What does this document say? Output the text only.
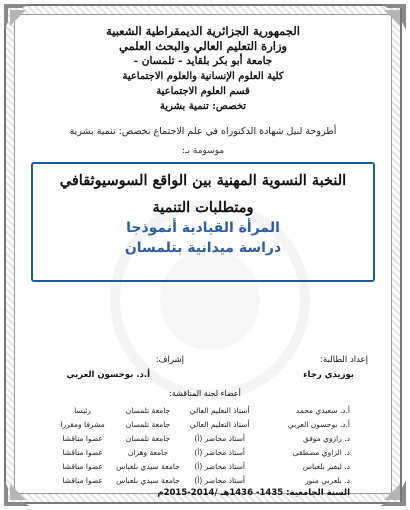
الجمهورية الجزائرية الديمقراطية الشعبية
وزارة التعليم العالي والبحث العلمي
جامعة أبو بكر بلقايد - تلمسان -
كلية العلوم الإنسانية والعلوم الاجتماعية
قسم العلوم الاجتماعية
تخصص: تنمية بشرية
أطروحة لنيل شهادة الدكتوراه في علم الاجتماع تخصص: تنمية بشرية
موسومة بـ:
النخبة النسوية المهنية بين الواقع السوسيوثقافي
ومتطلبات التنمية
المرأة القيادية أنموذجا
دراسة ميدانية بتلمسان
إعداد الطالبة:
إشراف:
بوزيدي رجاء
أ.د. بوحسون العربي
أعضاء لجنة المناقشة:
أ.د. سعيدي محمد	أستاذ التعليم العالي	جامعة تلمسان	رئيسا
أ.د. بوحسون العربي	أستاذ التعليم العالي	جامعة تلمسان	مشرفا ومقررا
د. زازوي موفق	أستاذ محاضر (أ)	جامعة تلمسان	عضوا مناقشا
د. الزاوي مصطفى	أستاذ محاضر (أ)	جامعة وهران	عضوا مناقشا
د. ليفير بلعباس	أستاذ محاضر (أ)	جامعة سيدي بلعباس	عضوا مناقشا
د. بلعربي منور	أستاذ محاضر (أ)	جامعة سيدي بلعباس	عضوا مناقشا
السنة الجامعية: 1435- 1436هـ /2014-2015م
